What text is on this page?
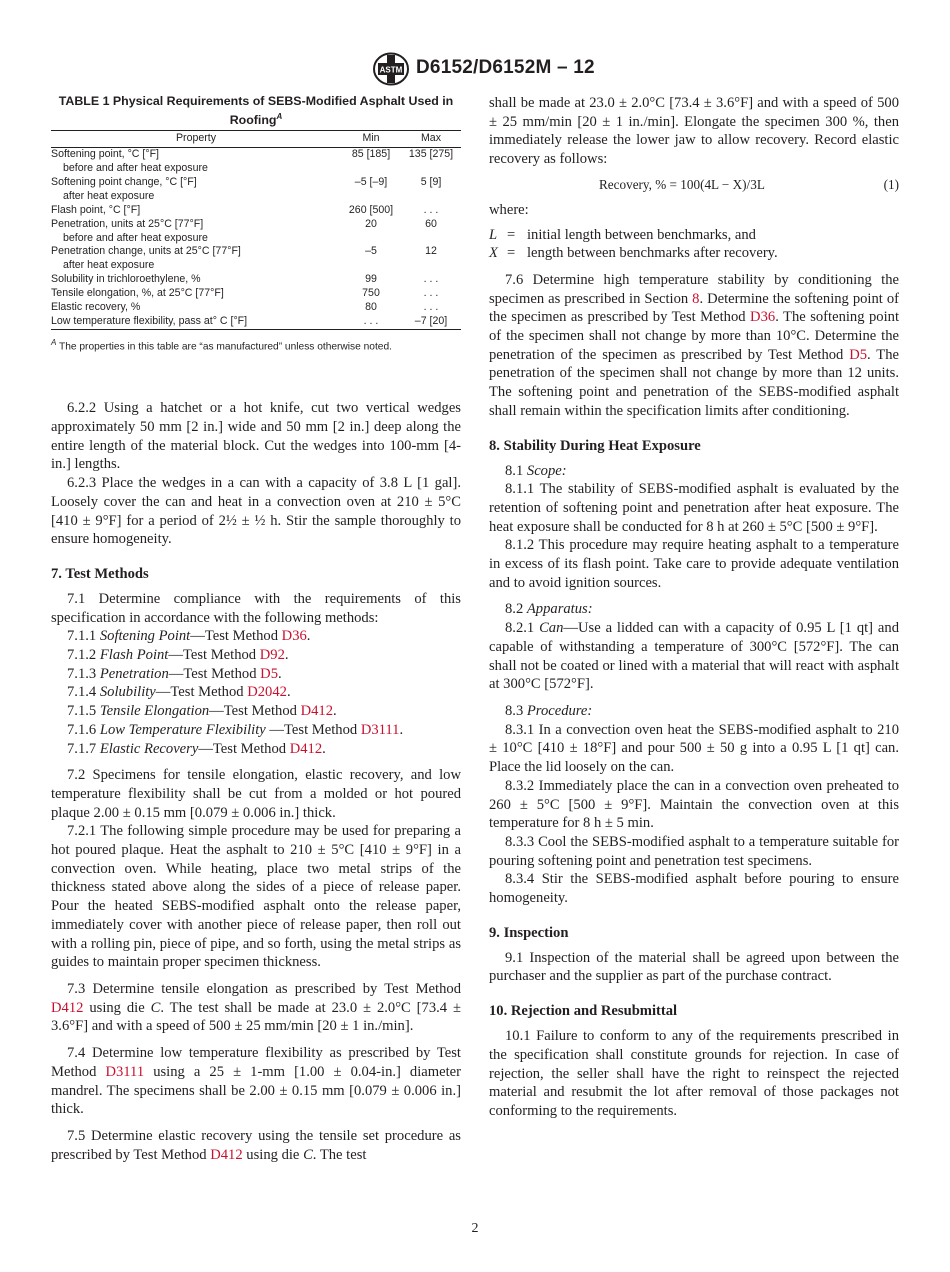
ASTM D6152/D6152M – 12
TABLE 1 Physical Requirements of SEBS-Modified Asphalt Used in Roofing$^A$
Property	Min	Max

Softening point, °C [°F]
before and after heat exposure	85 [185]	135 [275]

Softening point change, °C [°F]
after heat exposure	–5 [–9]	5 [9]
Flash point, °C [°F]	260 [500]	. . .

Penetration, units at 25°C [77°F]
before and after heat exposure	20	60

Penetration change, units at 25°C [77°F]
after heat exposure	–5	12
Solubility in trichloroethylene, %	99	. . .
Tensile elongation, %, at 25°C [77°F]	750	. . .
Elastic recovery, %	80	. . .
Low temperature flexibility, pass at° C [°F]	. . .	–7 [20]
$^A$ The properties in this table are “as manufactured” unless otherwise noted.

6.2.2 Using a hatchet or a hot knife, cut two vertical wedges approximately 50 mm [2 in.] wide and 50 mm [2 in.] deep along the entire length of the material block. Cut the wedges into 100-mm [4-in.] lengths.

6.2.3 Place the wedges in a can with a capacity of 3.8 L [1 gal]. Loosely cover the can and heat in a convection oven at 210 ± 5°C [410 ± 9°F] for a period of 2½ ± ½ h. Stir the sample thoroughly to ensure homogeneity.

7. Test Methods

7.1 Determine compliance with the requirements of this specification in accordance with the following methods:

7.1.1 Softening Point—Test Method D36.
7.1.2 Flash Point—Test Method D92.
7.1.3 Penetration—Test Method D5.
7.1.4 Solubility—Test Method D2042.
7.1.5 Tensile Elongation—Test Method D412.
7.1.6 Low Temperature Flexibility —Test Method D3111.
7.1.7 Elastic Recovery—Test Method D412.

7.2 Specimens for tensile elongation, elastic recovery, and low temperature flexibility shall be cut from a molded or hot poured plaque 2.00 ± 0.15 mm [0.079 ± 0.006 in.] thick.

7.2.1 The following simple procedure may be used for preparing a hot poured plaque. Heat the asphalt to 210 ± 5°C [410 ± 9°F] in a convection oven. While heating, place two metal strips of the thickness stated above along the sides of a piece of release paper. Pour the heated SEBS-modified asphalt onto the release paper, immediately cover with another piece of release paper, then roll out with a rolling pin, piece of pipe, and so forth, using the metal strips as guides to maintain proper specimen thickness.

7.3 Determine tensile elongation as prescribed by Test Method D412 using die C. The test shall be made at 23.0 ± 2.0°C [73.4 ± 3.6°F] and with a speed of 500 ± 25 mm/min [20 ± 1 in./min].

7.4 Determine low temperature flexibility as prescribed by Test Method D3111 using a 25 ± 1-mm [1.00 ± 0.04-in.] diameter mandrel. The specimens shall be 2.00 ± 0.15 mm [0.079 ± 0.006 in.] thick.

7.5 Determine elastic recovery using the tensile set procedure as prescribed by Test Method D412 using die C. The test

shall be made at 23.0 ± 2.0°C [73.4 ± 3.6°F] and with a speed of 500 ± 25 mm/min [20 ± 1 in./min]. Elongate the specimen 300 %, then immediately release the lower jaw to allow recovery. Record elastic recovery as follows:

Recovery, % = 100(4L − X)/3L	(1)

where:

L = initial length between benchmarks, and
X = length between benchmarks after recovery.

7.6 Determine high temperature stability by conditioning the specimen as prescribed in Section 8. Determine the softening point of the specimen as prescribed by Test Method D36. The softening point of the specimen shall not change by more than 10°C. Determine the penetration of the specimen as prescribed by Test Method D5. The penetration of the specimen shall not change by more than 12 units. The softening point and penetration of the SEBS-modified asphalt shall remain within the specification limits after conditioning.

8. Stability During Heat Exposure

8.1 Scope:

8.1.1 The stability of SEBS-modified asphalt is evaluated by the retention of softening point and penetration after heat exposure. The heat exposure shall be conducted for 8 h at 260 ± 5°C [500 ± 9°F].

8.1.2 This procedure may require heating asphalt to a temperature in excess of its flash point. Take care to provide adequate ventilation and to avoid ignition sources.

8.2 Apparatus:

8.2.1 Can—Use a lidded can with a capacity of 0.95 L [1 qt] and capable of withstanding a temperature of 300°C [572°F]. The can shall not be coated or lined with a material that will react with asphalt at 300°C [572°F].

8.3 Procedure:

8.3.1 In a convection oven heat the SEBS-modified asphalt to 210 ± 10°C [410 ± 18°F] and pour 500 ± 50 g into a 0.95 L [1 qt] can. Place the lid loosely on the can.

8.3.2 Immediately place the can in a convection oven preheated to 260 ± 5°C [500 ± 9°F]. Maintain the convection oven at this temperature for 8 h ± 5 min.

8.3.3 Cool the SEBS-modified asphalt to a temperature suitable for pouring softening point and penetration test specimens.

8.3.4 Stir the SEBS-modified asphalt before pouring to ensure homogeneity.

9. Inspection

9.1 Inspection of the material shall be agreed upon between the purchaser and the supplier as part of the purchase contract.

10. Rejection and Resubmittal

10.1 Failure to conform to any of the requirements prescribed in the specification shall constitute grounds for rejection. In case of rejection, the seller shall have the right to reinspect the rejected material and resubmit the lot after removal of those packages not conforming to the requirements.

2
